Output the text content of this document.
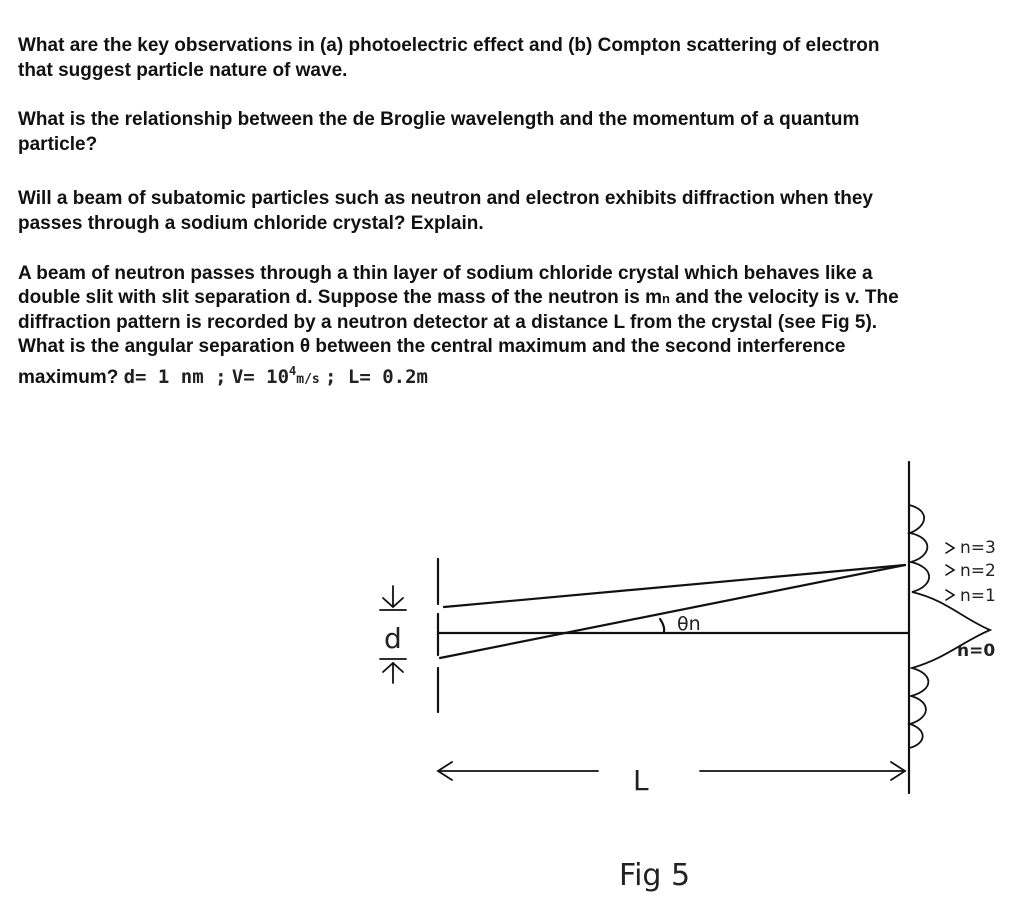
What are the key observations in (a) photoelectric effect and (b) Compton scattering of electron that suggest particle nature of wave.

What is the relationship between the de Broglie wavelength and the momentum of a quantum particle?

Will a beam of subatomic particles such as neutron and electron exhibits diffraction when they passes through a sodium chloride crystal? Explain.

A beam of neutron passes through a thin layer of sodium chloride crystal which behaves like a double slit with slit separation d. Suppose the mass of the neutron is mn and the velocity is v. The diffraction pattern is recorded by a neutron detector at a distance L from the crystal (see Fig 5). What is the angular separation θ between the central maximum and the second interference maximum? d= 1 nm ; $V= 10^4m/s$ ; L= 0.2m

d	θn
L
n=3
n=2
n=1
n=0
Fig 5
